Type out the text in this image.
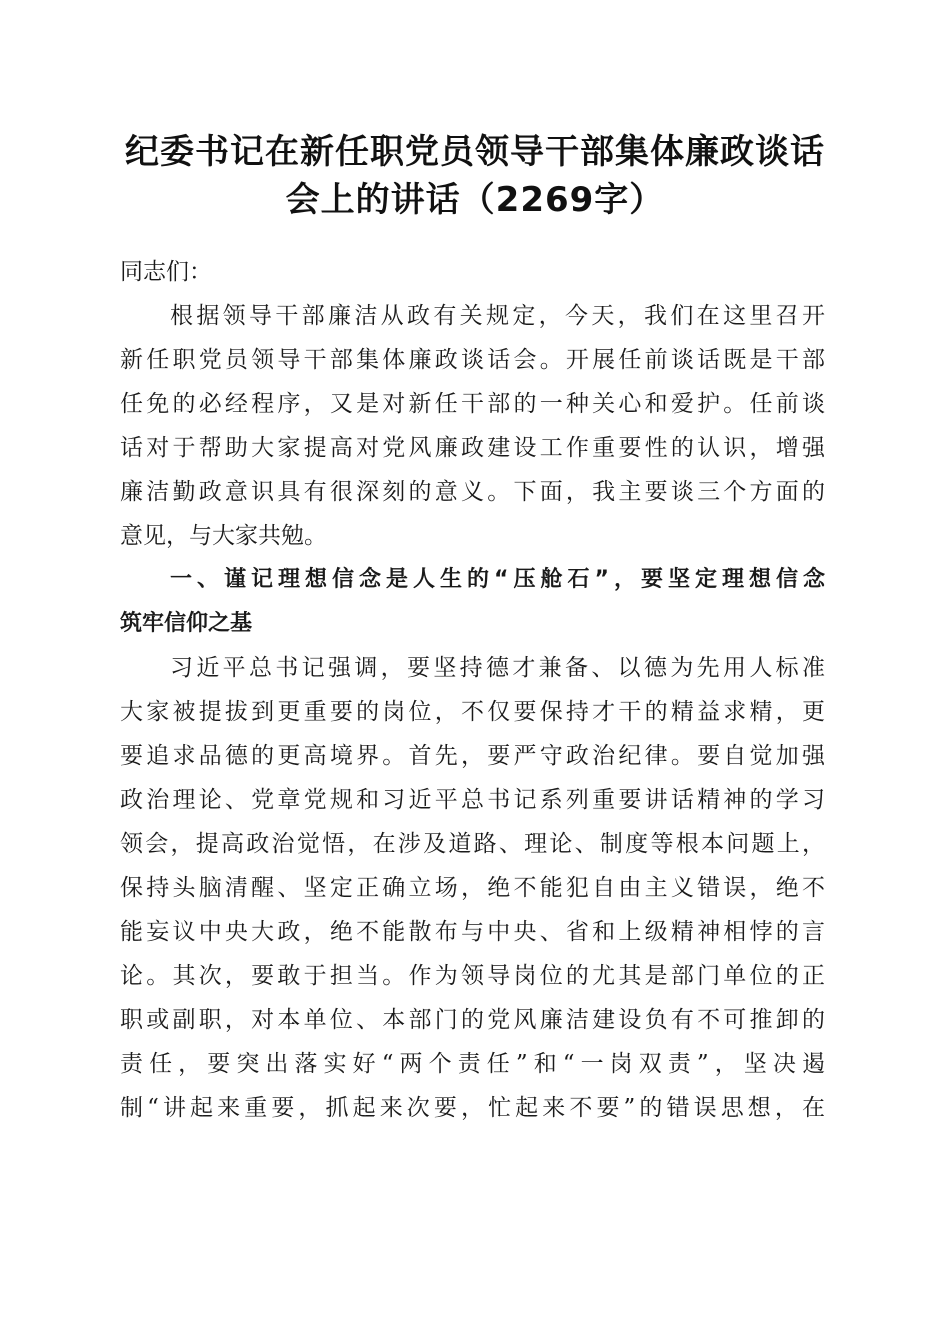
纪委书记在新任职党员领导干部集体廉政谈话
会上的讲话（2269字）
同志们：
根据领导干部廉洁从政有关规定，今天，我们在这里召开
新任职党员领导干部集体廉政谈话会。开展任前谈话既是干部
任免的必经程序，又是对新任干部的一种关心和爱护。任前谈
话对于帮助大家提高对党风廉政建设工作重要性的认识，增强
廉洁勤政意识具有很深刻的意义。下面，我主要谈三个方面的
意见，与大家共勉。
一、谨记理想信念是人生的“压舱石”，要坚定理想信念
筑牢信仰之基
习近平总书记强调，要坚持德才兼备、以德为先用人标准
大家被提拔到更重要的岗位，不仅要保持才干的精益求精，更
要追求品德的更高境界。首先，要严守政治纪律。要自觉加强
政治理论、党章党规和习近平总书记系列重要讲话精神的学习
领会，提高政治觉悟，在涉及道路、理论、制度等根本问题上，
保持头脑清醒、坚定正确立场，绝不能犯自由主义错误，绝不
能妄议中央大政，绝不能散布与中央、省和上级精神相悖的言
论。其次，要敢于担当。作为领导岗位的尤其是部门单位的正
职或副职，对本单位、本部门的党风廉洁建设负有不可推卸的
责任，要突出落实好“两个责任”和“一岗双责”，坚决遏
制“讲起来重要，抓起来次要，忙起来不要”的错误思想，在
